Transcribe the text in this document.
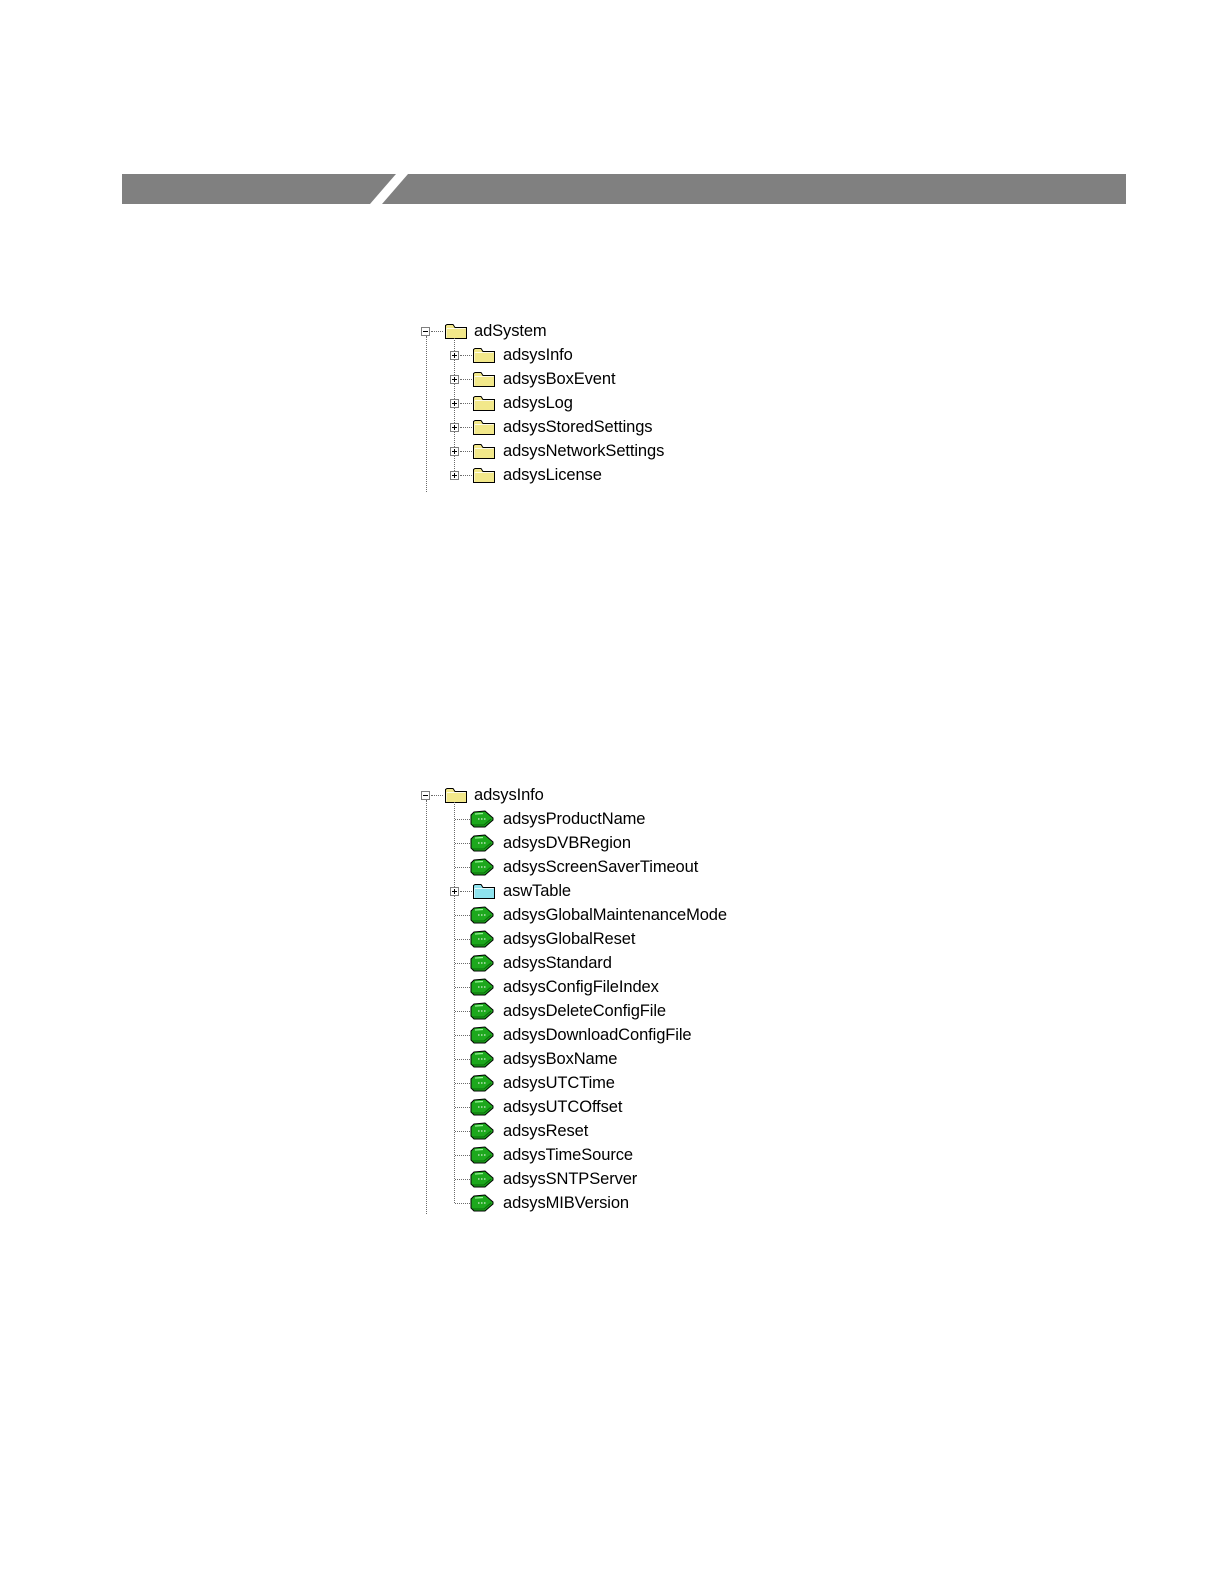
adSystem
adsysInfo
adsysBoxEvent
adsysLog
adsysStoredSettings
adsysNetworkSettings
adsysLicense
adsysInfo
adsysProductName
adsysDVBRegion
adsysScreenSaverTimeout
aswTable
adsysGlobalMaintenanceMode
adsysGlobalReset
adsysStandard
adsysConfigFileIndex
adsysDeleteConfigFile
adsysDownloadConfigFile
adsysBoxName
adsysUTCTime
adsysUTCOffset
adsysReset
adsysTimeSource
adsysSNTPServer
adsysMIBVersion
